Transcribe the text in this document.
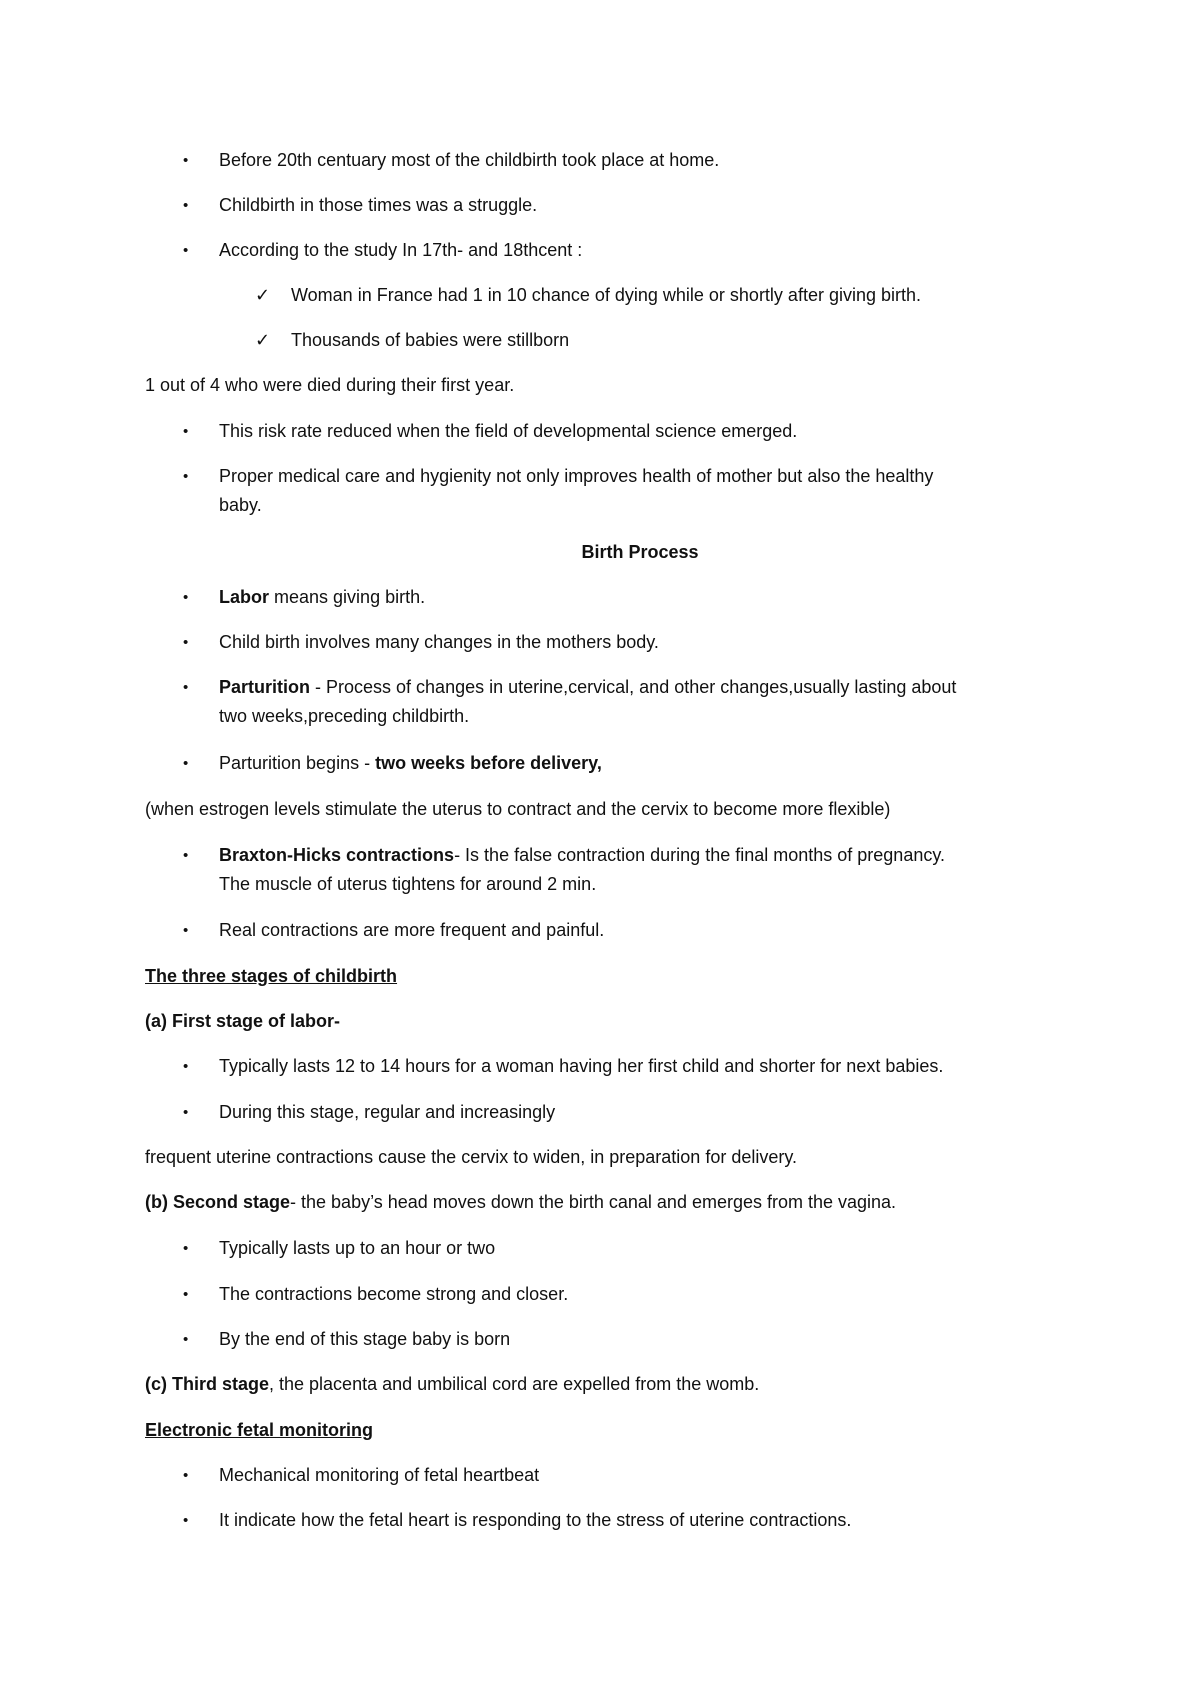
• Before 20th centuary most of the childbirth took place at home.
• Childbirth in those times was a struggle.
• According to the study In 17th- and 18thcent :
✓ Woman in France had 1 in 10 chance of dying while or shortly after giving birth.
✓ Thousands of babies were stillborn
1 out of 4 who were died during their first year.
• This risk rate reduced when the field of developmental science emerged.
• Proper medical care and hygienity not only improves health of mother but also the healthy
baby.
Birth Process
• Labor means giving birth.
• Child birth involves many changes in the mothers body.
• Parturition - Process of changes in uterine,cervical, and other changes,usually lasting about
two weeks,preceding childbirth.
• Parturition begins - two weeks before delivery,
(when estrogen levels stimulate the uterus to contract and the cervix to become more flexible)
• Braxton-Hicks contractions- Is the false contraction during the final months of pregnancy.
The muscle of uterus tightens for around 2 min.
• Real contractions are more frequent and painful.
The three stages of childbirth
(a) First stage of labor-
• Typically lasts 12 to 14 hours for a woman having her first child and shorter for next babies.
• During this stage, regular and increasingly
frequent uterine contractions cause the cervix to widen, in preparation for delivery.
(b) Second stage- the baby’s head moves down the birth canal and emerges from the vagina.
• Typically lasts up to an hour or two
• The contractions become strong and closer.
• By the end of this stage baby is born
(c) Third stage, the placenta and umbilical cord are expelled from the womb.
Electronic fetal monitoring
• Mechanical monitoring of fetal heartbeat
• It indicate how the fetal heart is responding to the stress of uterine contractions.
